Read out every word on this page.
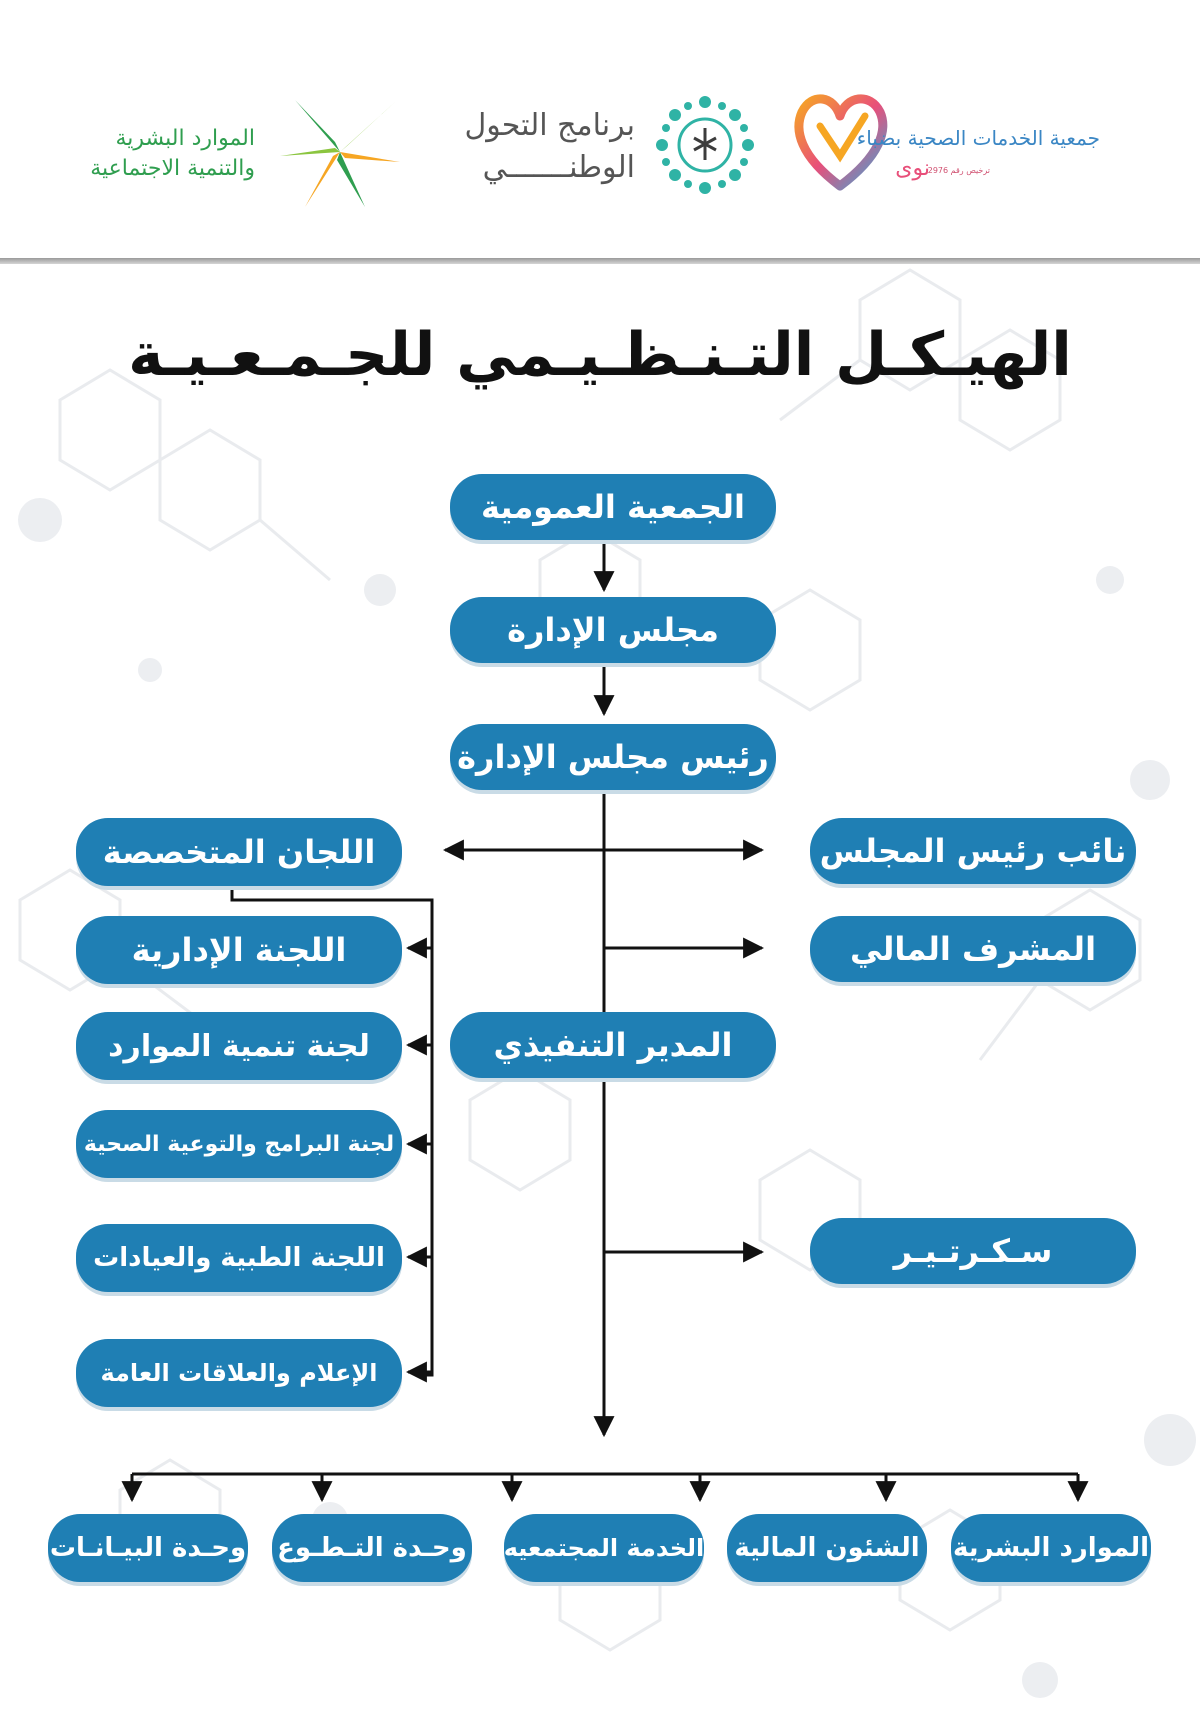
جمعية الخدمات الصحية بضباء
نوى
ترخيص رقم 2976
برنامج التحول
الوطنـــــــي
الموارد البشرية
والتنمية الاجتماعية
الهيـكـل التـنـظـيـمي للجـمـعـيـة
الجمعية العمومية
مجلس الإدارة
رئيس مجلس الإدارة
المدير التنفيذي
نائب رئيس المجلس
المشرف المالي
سـكـرتـيـر
اللجان المتخصصة
اللجنة الإدارية
لجنة تنمية الموارد
لجنة البرامج والتوعية الصحية
اللجنة الطبية والعيادات
الإعلام والعلاقات العامة
وحـدة البيـانـات وحـدة التـطـوع الخدمة المجتمعيه الشئون المالية الموارد البشرية
